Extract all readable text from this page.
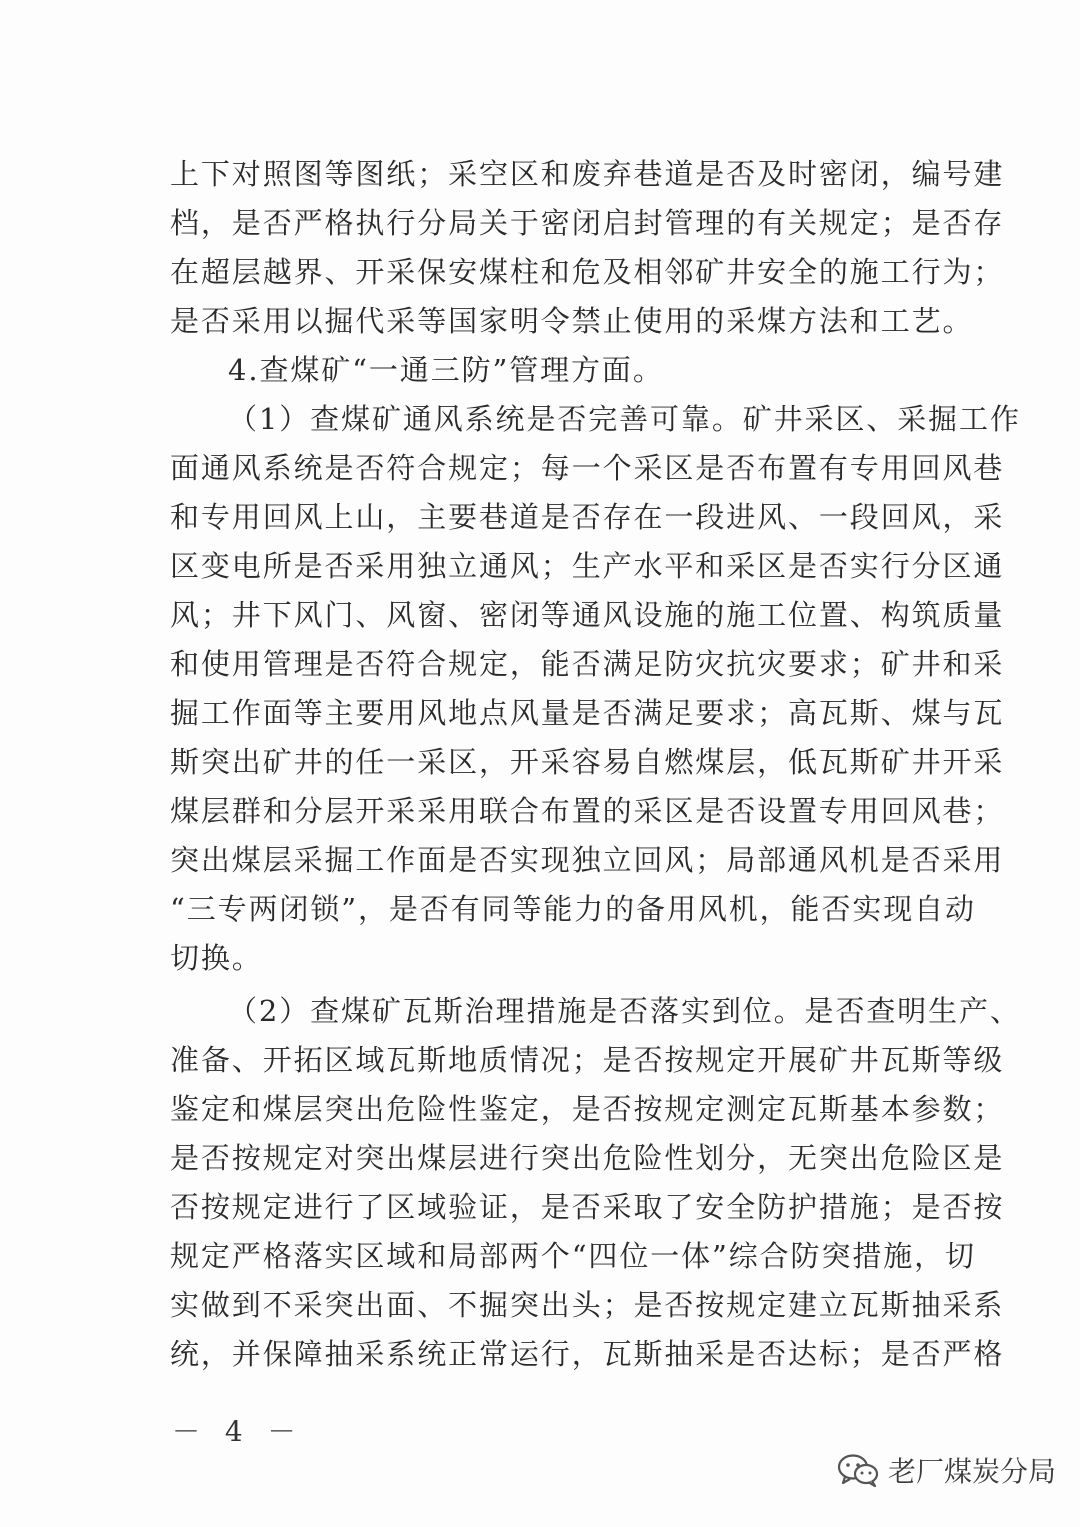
上下对照图等图纸；采空区和废弃巷道是否及时密闭，编号建
档，是否严格执行分局关于密闭启封管理的有关规定；是否存
在超层越界、开采保安煤柱和危及相邻矿井安全的施工行为；
是否采用以掘代采等国家明令禁止使用的采煤方法和工艺。
4.查煤矿“一通三防”管理方面。
（1）查煤矿通风系统是否完善可靠。矿井采区、采掘工作
面通风系统是否符合规定；每一个采区是否布置有专用回风巷
和专用回风上山，主要巷道是否存在一段进风、一段回风，采
区变电所是否采用独立通风；生产水平和采区是否实行分区通
风；井下风门、风窗、密闭等通风设施的施工位置、构筑质量
和使用管理是否符合规定，能否满足防灾抗灾要求；矿井和采
掘工作面等主要用风地点风量是否满足要求；高瓦斯、煤与瓦
斯突出矿井的任一采区，开采容易自燃煤层，低瓦斯矿井开采
煤层群和分层开采采用联合布置的采区是否设置专用回风巷；
突出煤层采掘工作面是否实现独立回风；局部通风机是否采用
“三专两闭锁”，是否有同等能力的备用风机，能否实现自动
切换。
（2）查煤矿瓦斯治理措施是否落实到位。是否查明生产、
准备、开拓区域瓦斯地质情况；是否按规定开展矿井瓦斯等级
鉴定和煤层突出危险性鉴定，是否按规定测定瓦斯基本参数；
是否按规定对突出煤层进行突出危险性划分，无突出危险区是
否按规定进行了区域验证，是否采取了安全防护措施；是否按
规定严格落实区域和局部两个“四位一体”综合防突措施，切
实做到不采突出面、不掘突出头；是否按规定建立瓦斯抽采系
统，并保障抽采系统正常运行，瓦斯抽采是否达标；是否严格
－ 4 －
老厂煤炭分局
